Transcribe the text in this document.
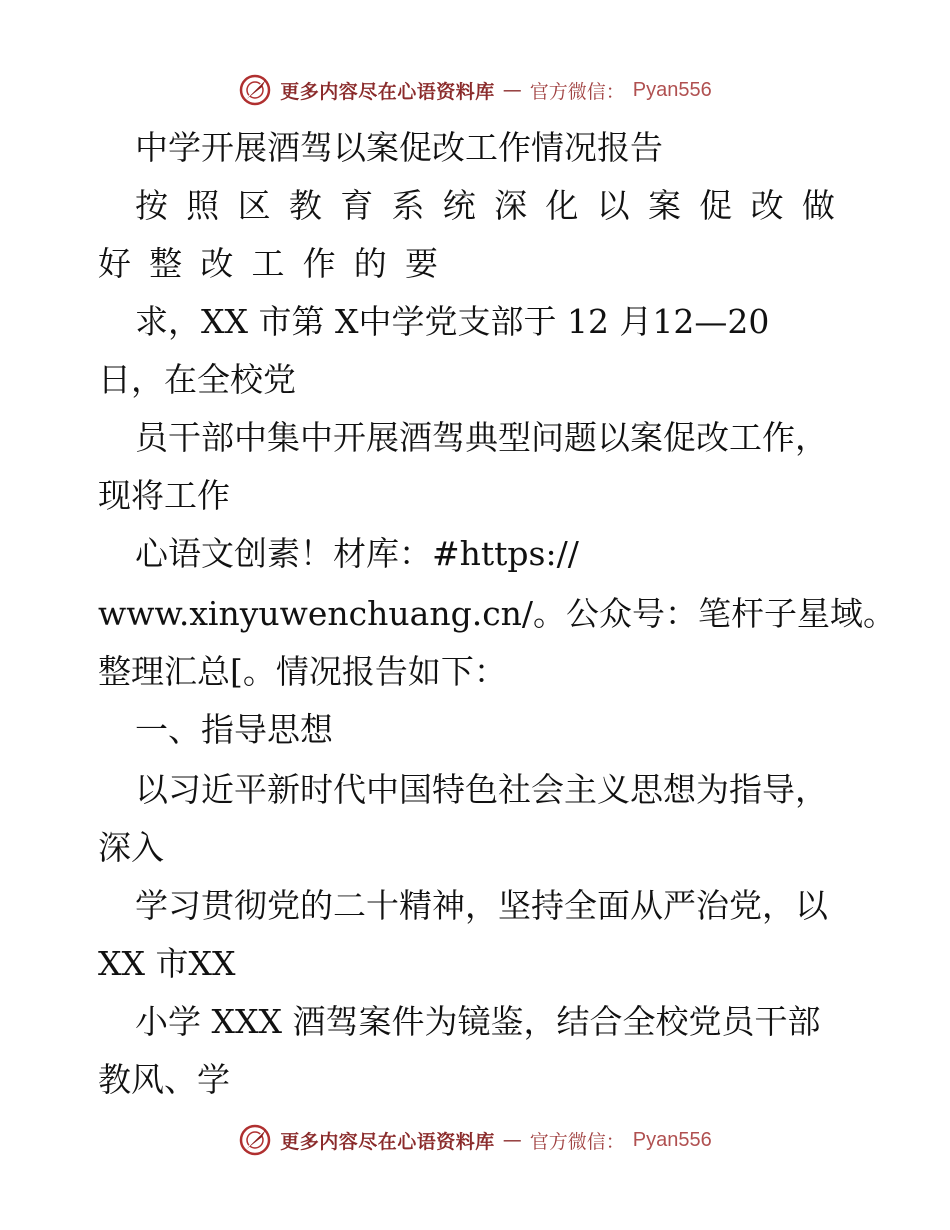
更多内容尽在心语资料库 — 官方微信： Pyan556
中学开展酒驾以案促改工作情况报告
按 照 区 教 育 系 统 深 化 以 案 促 改 做
好 整 改 工 作 的 要
求，XX 市第 X中学党支部于 12 月12—20
日，在全校党
员干部中集中开展酒驾典型问题以案促改工作，
现将工作
心语文创素！材库：#https://
www.xinyuwenchuang.cn/。公众号：笔杆子星域。
整理汇总[。情况报告如下：
一、指导思想
以习近平新时代中国特色社会主义思想为指导，
深入
学习贯彻党的二十精神，坚持全面从严治党，以
XX 市XX
小学 XXX 酒驾案件为镜鉴，结合全校党员干部
教风、学
更多内容尽在心语资料库 — 官方微信： Pyan556
